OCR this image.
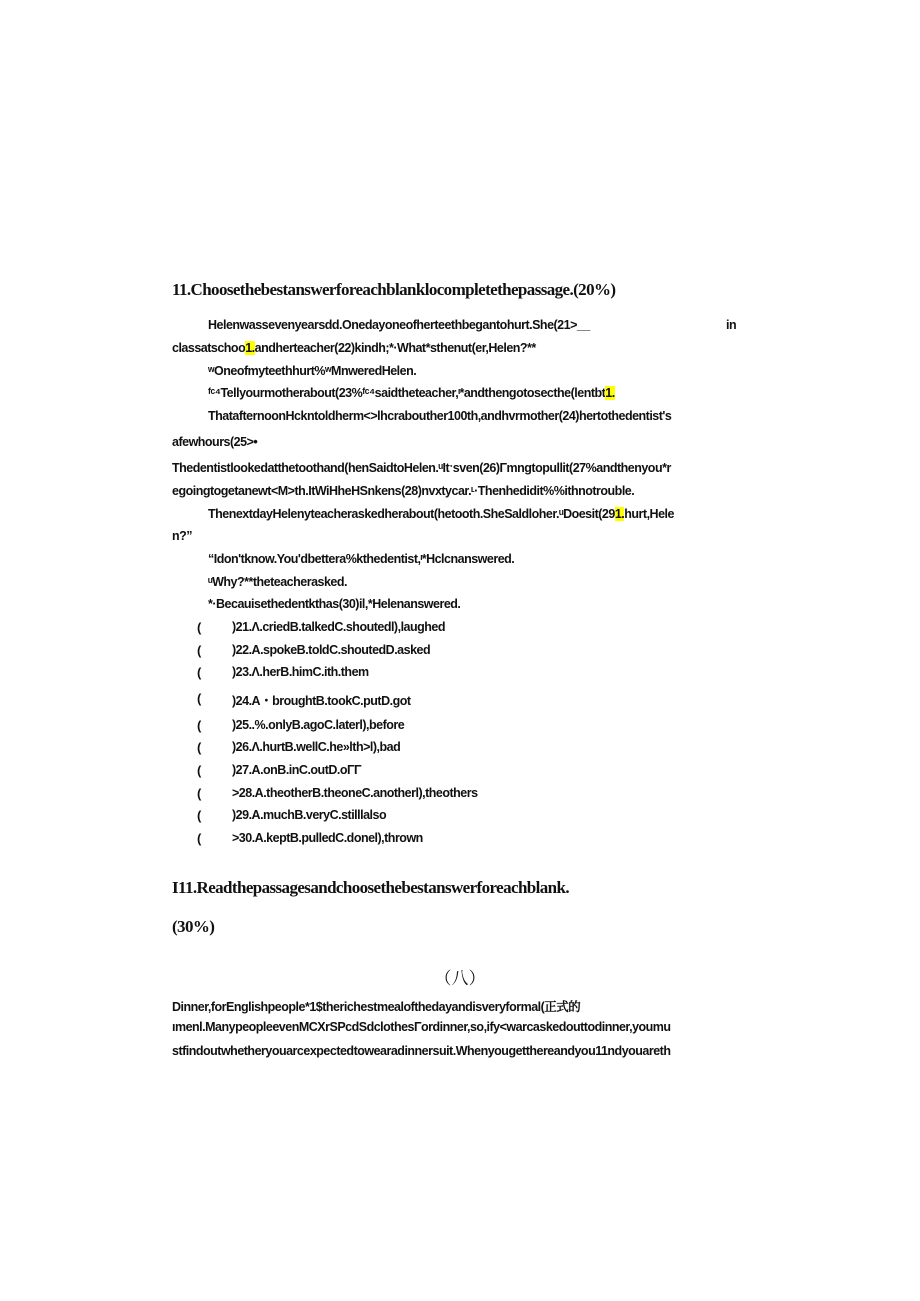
11.Choosethebestanswerforeachblanklocompletethepassage.(20%)
Helenwassevenyearsdd.Onedayoneofherteethbegantohurt.She(21>__	in
classatschoo1.andherteacher(22)kindh;*·What*sthenut(er,Helen?**
ʷOneofmyteethhurt%ʷMnweredHelen.
ᶠᶜ⁴Tellyourmotherabout(23%ᶠᶜ⁴saidtheteacher,ᶦ*andthengotosecthe(lentbt1.
ThatafternoonHckntoldherm<>lhcrabouther100th,andhvrmother(24)hertothedentist's
afewhours(25>•
Thedentistlookedatthetoothand(henSaidtoHelen.ᵘItˑsven(26)Γmngtopullit(27%andthenyou*r
egoingtogetanewt<M>th.ItWiHheHSnkens(28)nvxtycar.ᶫ·Thenhedidit%%ithnotrouble.
ThenextdayHelenyteacheraskedherabout(hetooth.SheSaldloher.ᵘDoesit(291.hurt,Hele
n?”
“Idon'tknow.You'dbettera%kthedentist,ᶦ*Hclcnanswered.
ᵘWhy?**theteacherasked.
*·Becauisethedentkthas(30)il,*Helenanswered.
( )21.Λ.criedB.talkedC.shoutedl),laughed
( )22.A.spokeB.toldC.shoutedD.asked
( )23.Λ.herB.himC.ith.them
( )24.A・broughtB.tookC.putD.got
( )25..%.onlyB.agoC.laterl),before
( )26.Λ.hurtB.wellC.he»lth>l),bad
( )27.A.onB.inC.outD.oΓΓ
( >28.A.theotherB.theoneC.anotherl),theothers
( )29.A.muchB.veryC.stilllalso
( >30.A.keptB.pulledC.donel),thrown
I11.Readthepassagesandchoosethebestanswerforeachblank.
(30%)
（八）
Dinner,forEnglishpeople*1$therichestmealofthedayandisveryformal(正式的
ımenl.ManypeopleevenMCXrSPcdSdclothesΓordinner,so,ify<warcaskedouttodinner,youmu
stfindoutwhetheryouarcexpectedtowearadinnersuit.Whenyougetthereandyou11ndyouareth
